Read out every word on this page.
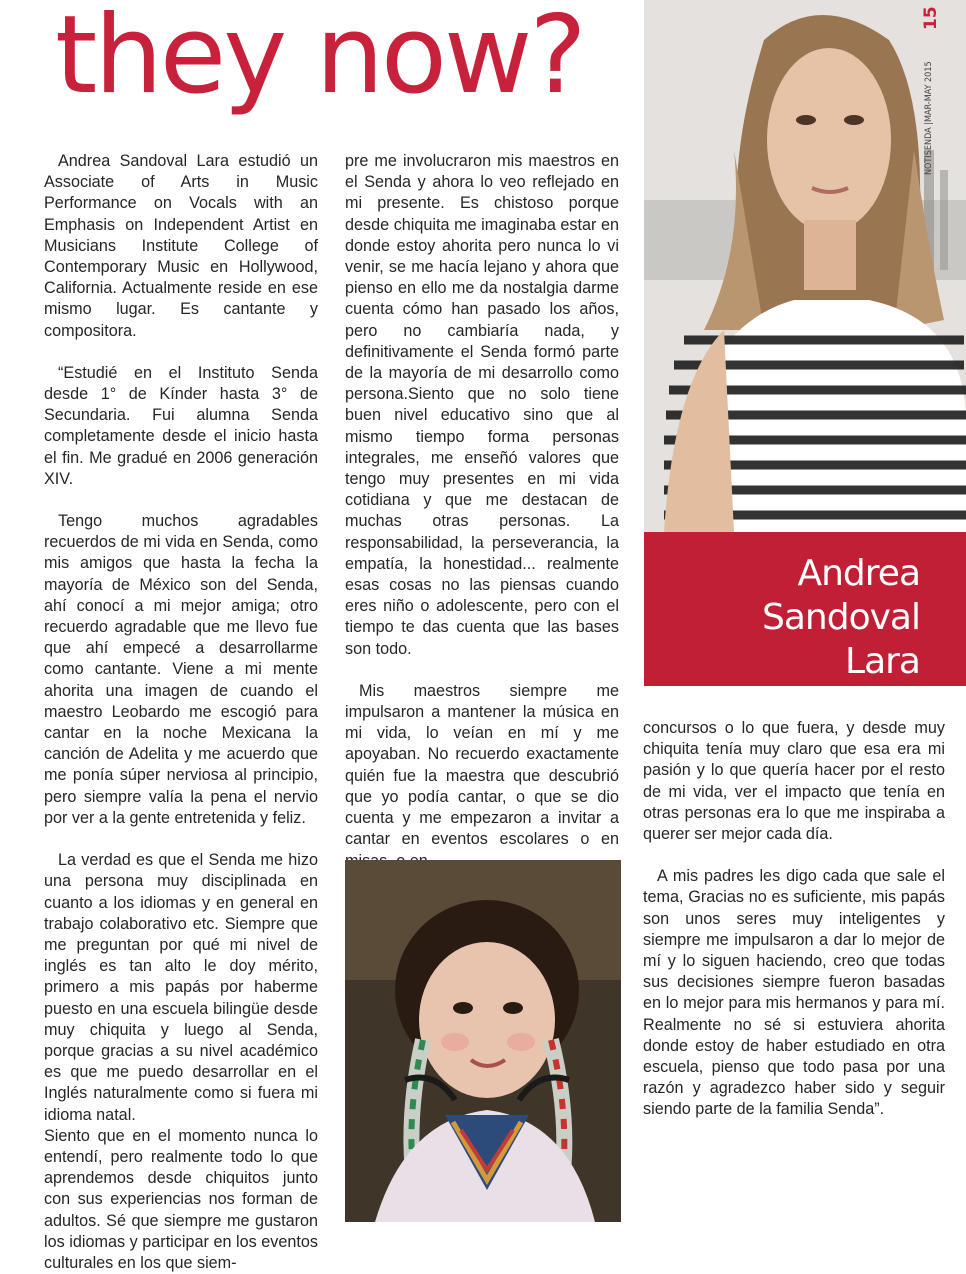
they now?

Andrea Sandoval Lara estudió un Associate of Arts in Music Performance on Vocals with an Emphasis on Independent Artist en Musicians Institute College of Contemporary Music en Hollywood, California. Actualmente reside en ese mismo lugar. Es cantante y compositora.

“Estudié en el Instituto Senda desde 1° de Kínder hasta 3° de Secundaria. Fui alumna Senda completamente desde el inicio hasta el fin. Me gradué en 2006 generación XIV.

Tengo muchos agradables recuerdos de mi vida en Senda, como mis amigos que hasta la fecha la mayoría de México son del Senda, ahí conocí a mi mejor amiga; otro recuerdo agradable que me llevo fue que ahí empecé a desarrollarme como cantante. Viene a mi mente ahorita una imagen de cuando el maestro Leobardo me escogió para cantar en la noche Mexicana la canción de Adelita y me acuerdo que me ponía súper nerviosa al principio, pero siempre valía la pena el nervio por ver a la gente entretenida y feliz.

La verdad es que el Senda me hizo una persona muy disciplinada en cuanto a los idiomas y en general en trabajo colaborativo etc. Siempre que me preguntan por qué mi nivel de inglés es tan alto le doy mérito, primero a mis papás por haberme puesto en una escuela bilingüe desde muy chiquita y luego al Senda, porque gracias a su nivel académico es que me puedo desarrollar en el Inglés naturalmente como si fuera mi idioma natal.

Siento que en el momento nunca lo entendí, pero realmente todo lo que aprendemos desde chiquitos junto con sus experiencias nos forman de adultos. Sé que siempre me gustaron los idiomas y participar en los eventos culturales en los que siem-

pre me involucraron mis maestros en el Senda y ahora lo veo reflejado en mi presente. Es chistoso porque desde chiquita me imaginaba estar en donde estoy ahorita pero nunca lo vi venir, se me hacía lejano y ahora que pienso en ello me da nostalgia darme cuenta cómo han pasado los años, pero no cambiaría nada, y definitivamente el Senda formó parte de la mayoría de mi desarrollo como persona.Siento que no solo tiene buen nivel educativo sino que al mismo tiempo forma personas integrales, me enseñó valores que tengo muy presentes en mi vida cotidiana y que me destacan de muchas otras personas. La responsabilidad, la perseverancia, la empatía, la honestidad... realmente esas cosas no las piensas cuando eres niño o adolescente, pero con el tiempo te das cuenta que las bases son todo.

Mis maestros siempre me impulsaron a mantener la música en mi vida, lo veían en mí y me apoyaban. No recuerdo exactamente quién fue la maestra que descubrió que yo podía cantar, o que se dio cuenta y me empezaron a invitar a cantar en eventos escolares o en

concursos o lo que fuera, y desde muy chiquita tenía muy claro que esa era mi pasión y lo que quería hacer por el resto de mi vida, ver el impacto que tenía en otras personas era lo que me inspiraba a querer ser mejor cada día.

A mis padres les digo cada que sale el tema, Gracias no es suficiente, mis papás son unos seres muy inteligentes y siempre me impulsaron a dar lo mejor de mí y lo siguen haciendo, creo que todas sus decisiones siempre fueron basadas en lo mejor para mis hermanos y para mí. Realmente no sé si estuviera ahorita donde estoy de haber estudiado en otra escuela, pienso que todo pasa por una razón y agradezco haber sido y seguir siendo parte de la familia Senda”.

Andrea
Sandoval
Lara
15
NOTISENDA |MAR-MAY 2015
